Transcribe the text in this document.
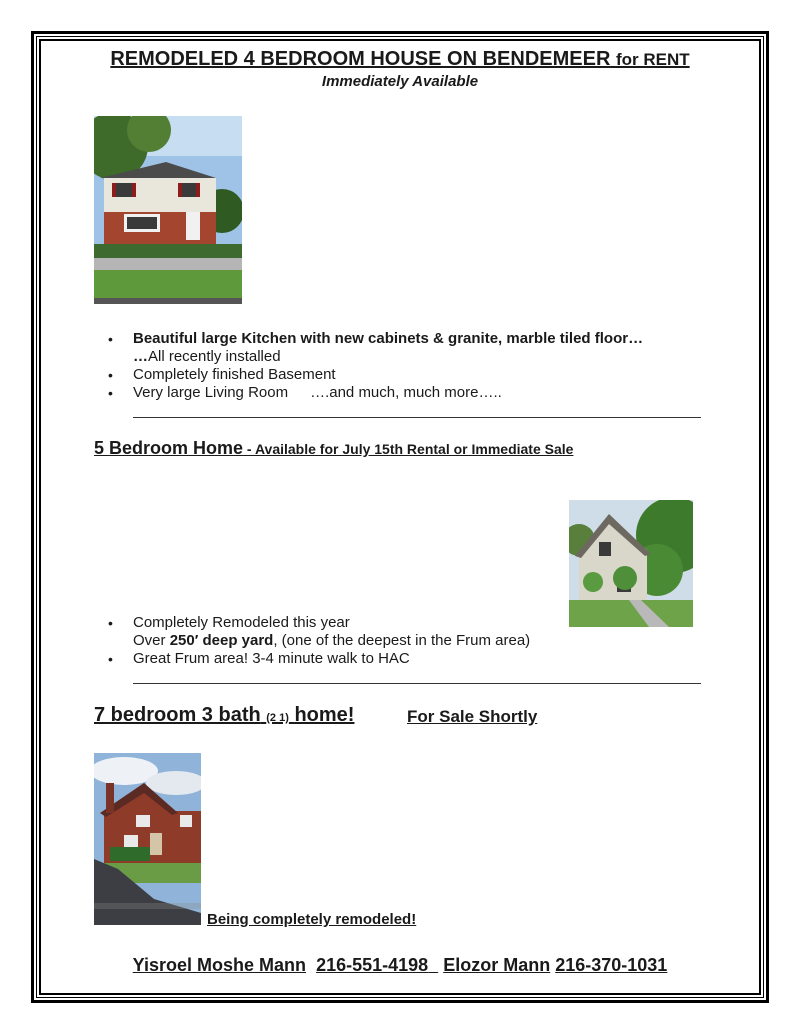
REMODELED 4 BEDROOM HOUSE ON BENDEMEER for RENT
Immediately Available
• Beautiful large Kitchen with new cabinets & granite, marble tiled floor…
…All recently installed
• Completely finished Basement
• Very large Living Room ….and much, much more…..
5 Bedroom Home - Available for July 15th Rental or Immediate Sale
• Completely Remodeled this year
Over 250′ deep yard, (one of the deepest in the Frum area)
• Great Frum area! 3-4 minute walk to HAC
7 bedroom 3 bath (2 1) home!	For Sale Shortly
Being completely remodeled!
Yisroel Moshe Mann 216-551-4198 Elozor Mann 216-370-1031
